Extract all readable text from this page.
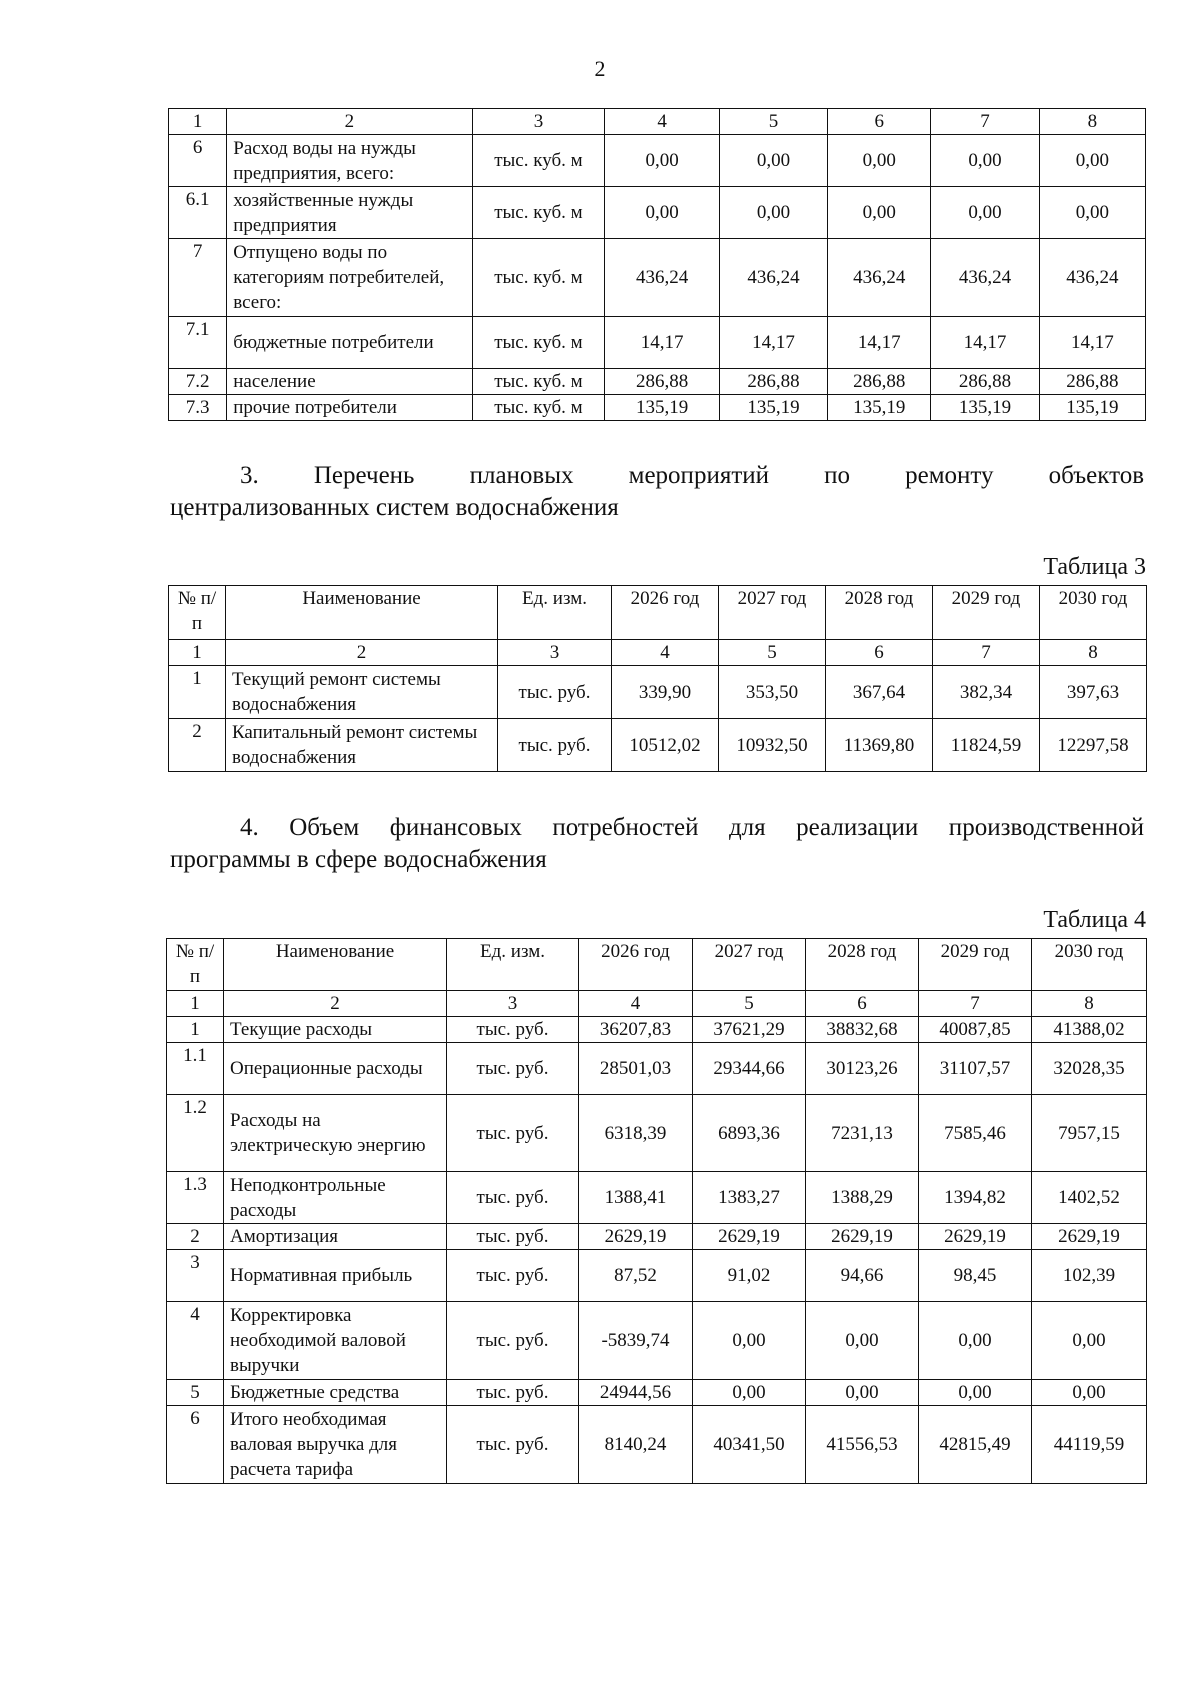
2
1	2	3	4	5	6	7	8
6	Расход воды на нужды предприятия, всего:	тыс. куб. м	0,00	0,00	0,00	0,00	0,00
6.1	хозяйственные нужды предприятия	тыс. куб. м	0,00	0,00	0,00	0,00	0,00
7	Отпущено воды по категориям потребителей, всего:	тыс. куб. м	436,24	436,24	436,24	436,24	436,24
7.1	бюджетные потребители	тыс. куб. м	14,17	14,17	14,17	14,17	14,17
7.2	население	тыс. куб. м	286,88	286,88	286,88	286,88	286,88
7.3	прочие потребители	тыс. куб. м	135,19	135,19	135,19	135,19	135,19
3. Перечень плановых мероприятий по ремонту объектов
централизованных систем водоснабжения
Таблица 3
№ п/п	Наименование	Ед. изм.	2026 год	2027 год	2028 год	2029 год	2030 год
1	2	3	4	5	6	7	8
1	Текущий ремонт системы водоснабжения	тыс. руб.	339,90	353,50	367,64	382,34	397,63
2	Капитальный ремонт системы водоснабжения	тыс. руб.	10512,02	10932,50	11369,80	11824,59	12297,58
4. Объем финансовых потребностей для реализации производственной
программы в сфере водоснабжения
Таблица 4
№ п/п	Наименование	Ед. изм.	2026 год	2027 год	2028 год	2029 год	2030 год
1	2	3	4	5	6	7	8
1	Текущие расходы	тыс. руб.	36207,83	37621,29	38832,68	40087,85	41388,02
1.1	Операционные расходы	тыс. руб.	28501,03	29344,66	30123,26	31107,57	32028,35
1.2	Расходы на электрическую энергию	тыс. руб.	6318,39	6893,36	7231,13	7585,46	7957,15
1.3	Неподконтрольные расходы	тыс. руб.	1388,41	1383,27	1388,29	1394,82	1402,52
2	Амортизация	тыс. руб.	2629,19	2629,19	2629,19	2629,19	2629,19
3	Нормативная прибыль	тыс. руб.	87,52	91,02	94,66	98,45	102,39
4	Корректировка необходимой валовой выручки	тыс. руб.	-5839,74	0,00	0,00	0,00	0,00
5	Бюджетные средства	тыс. руб.	24944,56	0,00	0,00	0,00	0,00
6	Итого необходимая валовая выручка для расчета тарифа	тыс. руб.	8140,24	40341,50	41556,53	42815,49	44119,59
